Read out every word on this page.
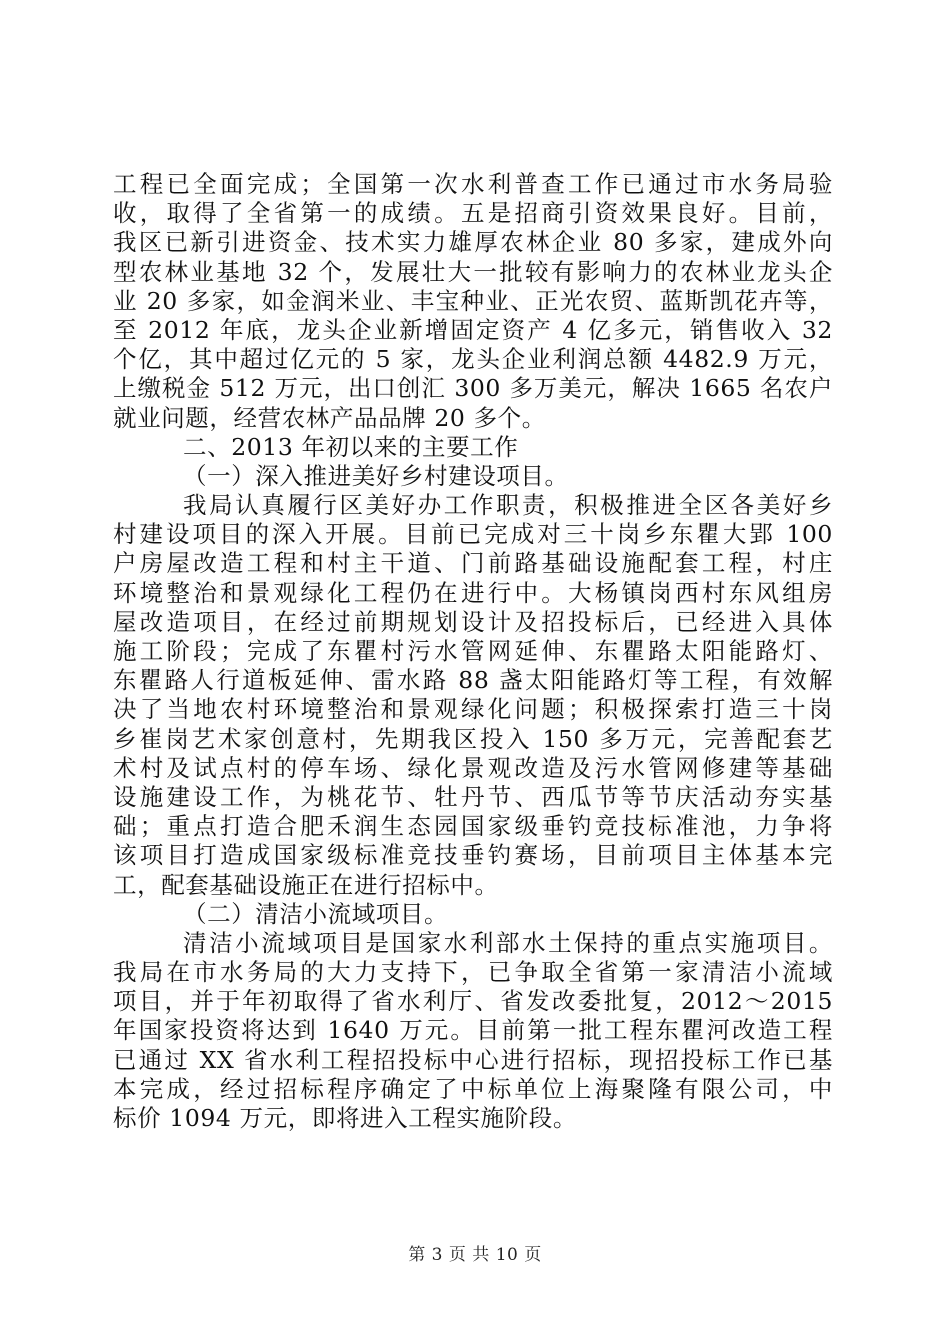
工程已全面完成；全国第一次水利普查工作已通过市水务局验
收，取得了全省第一的成绩。五是招商引资效果良好。目前，
我区已新引进资金、技术实力雄厚农林企业 80 多家，建成外向
型农林业基地 32 个，发展壮大一批较有影响力的农林业龙头企
业 20 多家，如金润米业、丰宝种业、正光农贸、蓝斯凯花卉等，
至 2012 年底，龙头企业新增固定资产 4 亿多元，销售收入 32
个亿，其中超过亿元的 5 家，龙头企业利润总额 4482.9 万元，
上缴税金 512 万元，出口创汇 300 多万美元，解决 1665 名农户
就业问题，经营农林产品品牌 20 多个。
二、2013 年初以来的主要工作
（一）深入推进美好乡村建设项目。
我局认真履行区美好办工作职责，积极推进全区各美好乡
村建设项目的深入开展。目前已完成对三十岗乡东瞿大郢 100
户房屋改造工程和村主干道、门前路基础设施配套工程，村庄
环境整治和景观绿化工程仍在进行中。大杨镇岗西村东风组房
屋改造项目，在经过前期规划设计及招投标后，已经进入具体
施工阶段；完成了东瞿村污水管网延伸、东瞿路太阳能路灯、
东瞿路人行道板延伸、雷水路 88 盏太阳能路灯等工程，有效解
决了当地农村环境整治和景观绿化问题；积极探索打造三十岗
乡崔岗艺术家创意村，先期我区投入 150 多万元，完善配套艺
术村及试点村的停车场、绿化景观改造及污水管网修建等基础
设施建设工作，为桃花节、牡丹节、西瓜节等节庆活动夯实基
础；重点打造合肥禾润生态园国家级垂钓竞技标准池，力争将
该项目打造成国家级标准竞技垂钓赛场，目前项目主体基本完
工，配套基础设施正在进行招标中。
（二）清洁小流域项目。
清洁小流域项目是国家水利部水土保持的重点实施项目。
我局在市水务局的大力支持下，已争取全省第一家清洁小流域
项目，并于年初取得了省水利厅、省发改委批复，2012～2015
年国家投资将达到 1640 万元。目前第一批工程东瞿河改造工程
已通过 XX 省水利工程招投标中心进行招标，现招投标工作已基
本完成，经过招标程序确定了中标单位上海聚隆有限公司，中
标价 1094 万元，即将进入工程实施阶段。
第 3 页 共 10 页
